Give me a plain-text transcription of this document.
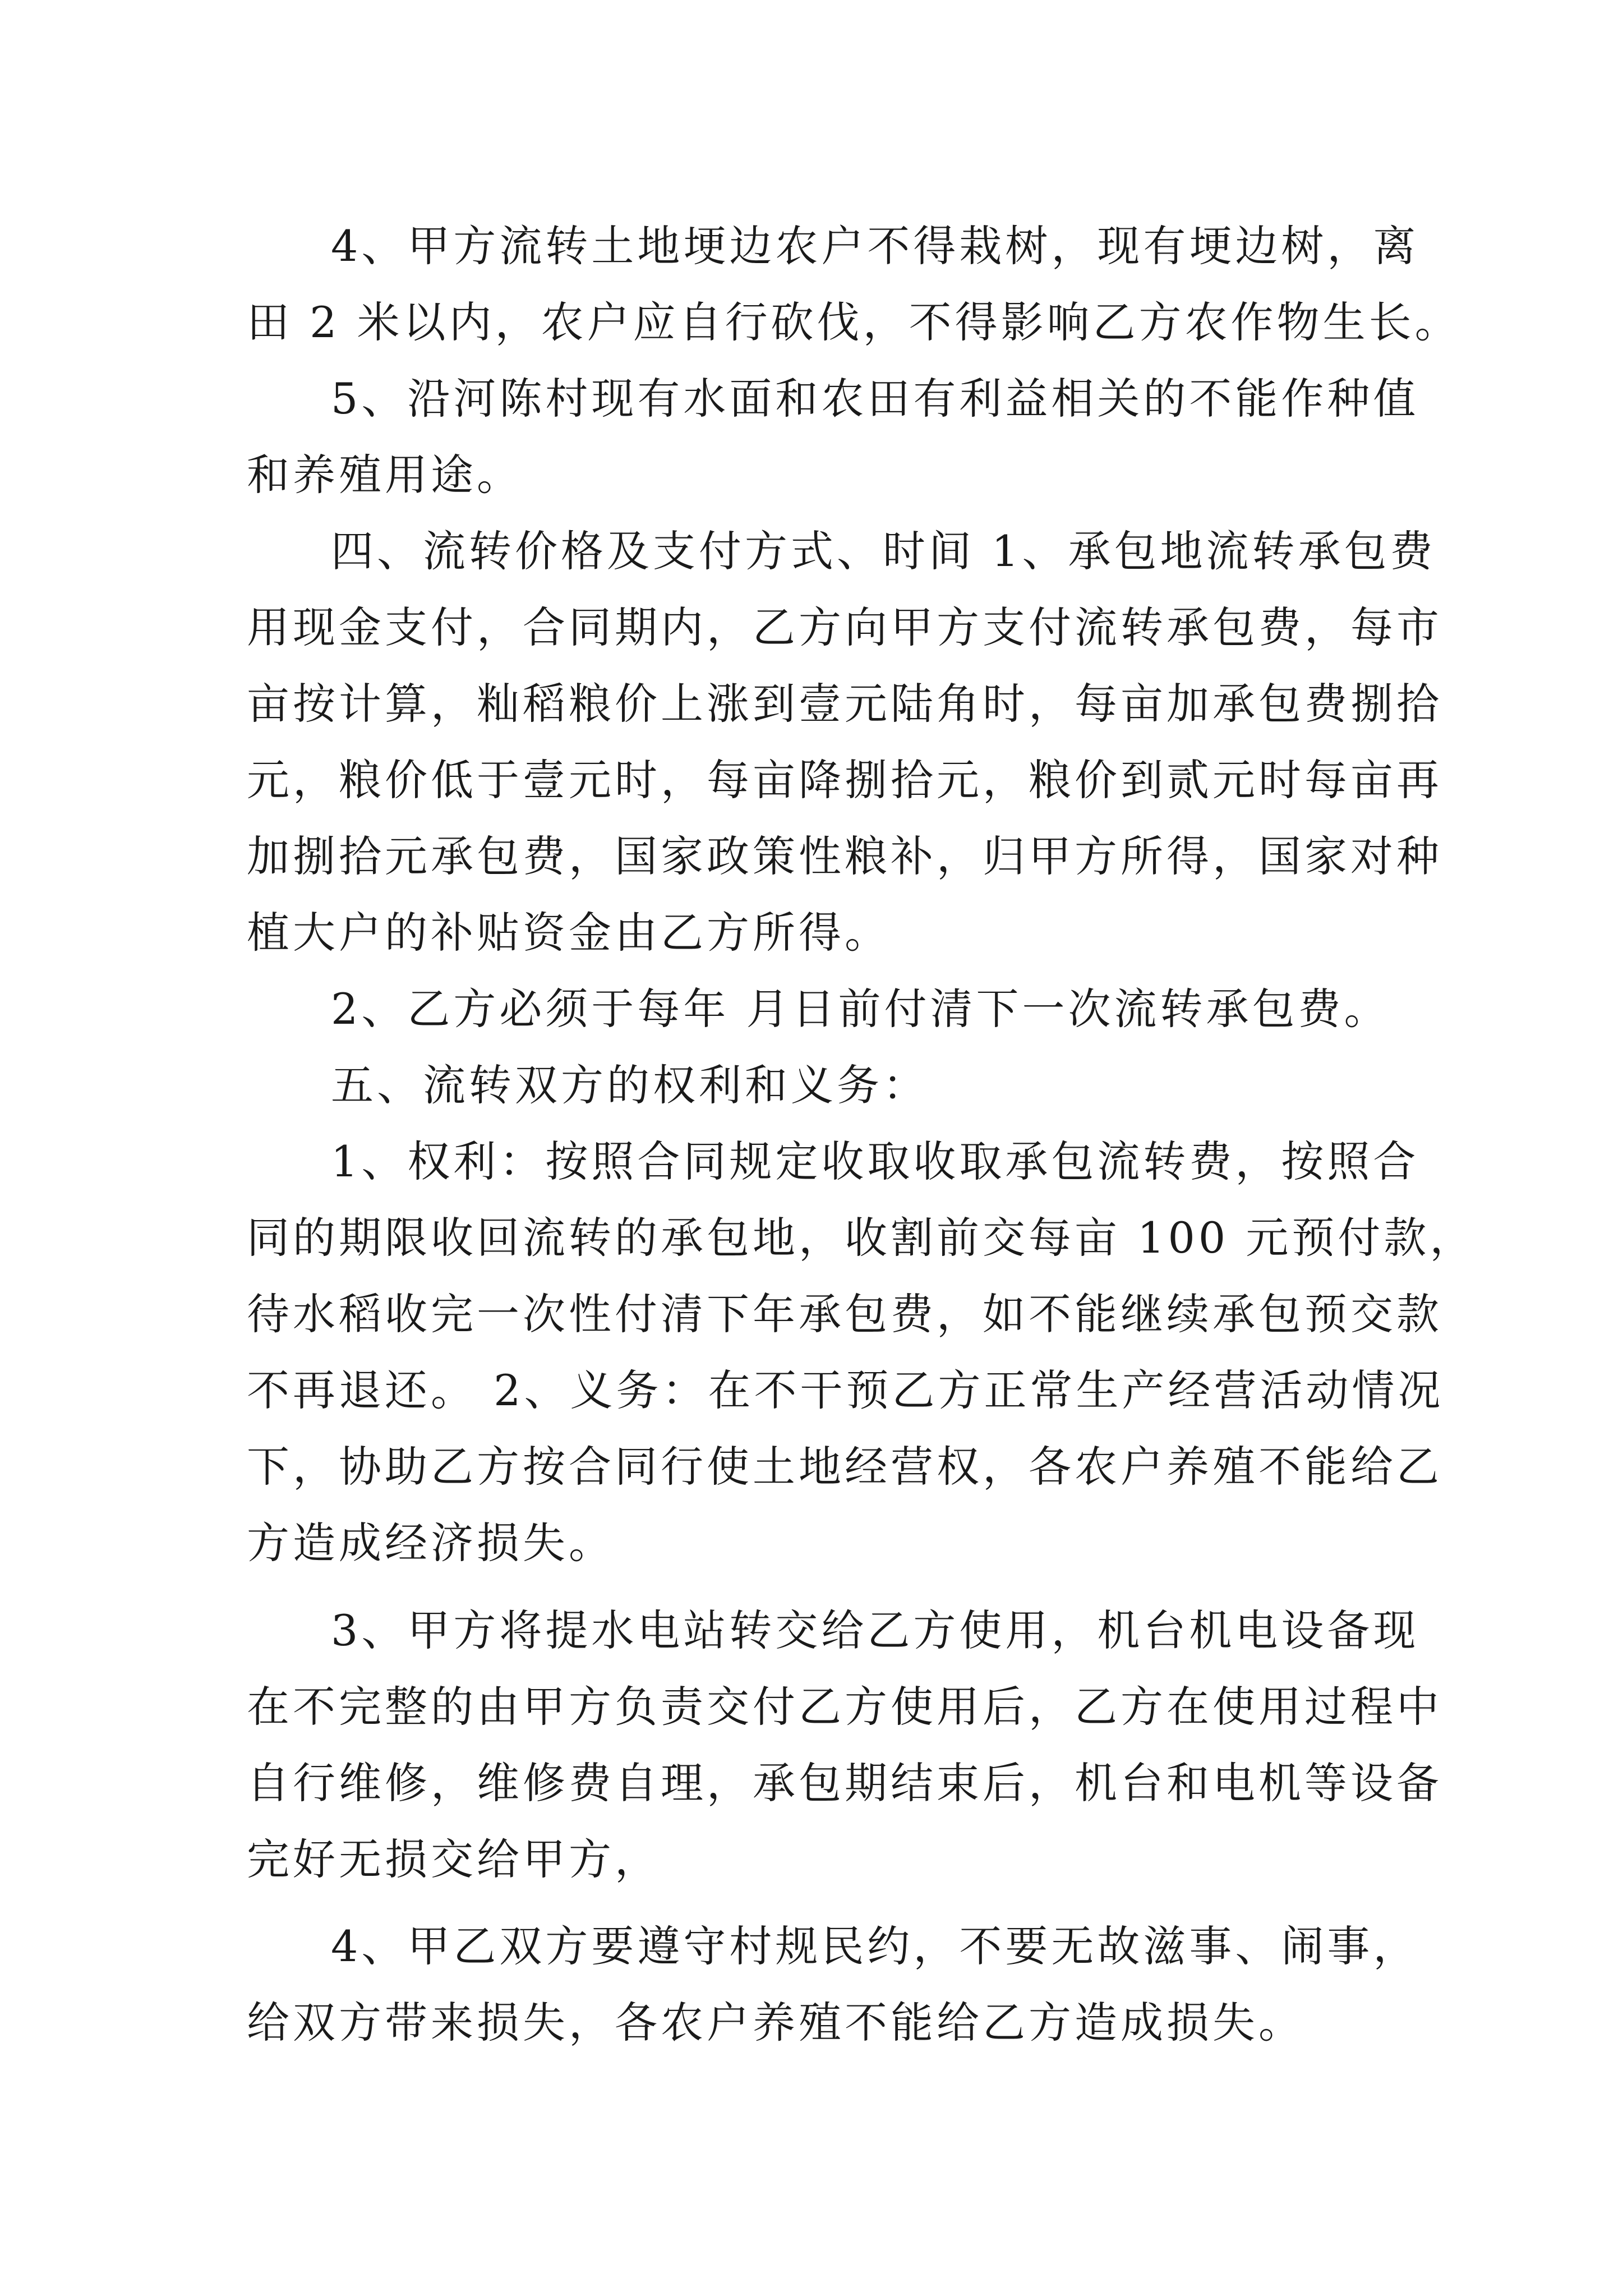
4、甲方流转土地埂边农户不得栽树，现有埂边树，离

田 2 米以内，农户应自行砍伐，不得影响乙方农作物生长。

5、沿河陈村现有水面和农田有利益相关的不能作种值

和养殖用途。

四、流转价格及支付方式、时间 1、承包地流转承包费

用现金支付，合同期内，乙方向甲方支付流转承包费，每市

亩按计算，籼稻粮价上涨到壹元陆角时，每亩加承包费捌拾

元，粮价低于壹元时，每亩降捌拾元，粮价到贰元时每亩再

加捌拾元承包费，国家政策性粮补，归甲方所得，国家对种

植大户的补贴资金由乙方所得。

2、乙方必须于每年 月日前付清下一次流转承包费。

五、流转双方的权利和义务：

1、权利：按照合同规定收取收取承包流转费，按照合

同的期限收回流转的承包地，收割前交每亩 100 元预付款，

待水稻收完一次性付清下年承包费，如不能继续承包预交款

不再退还。 2、义务：在不干预乙方正常生产经营活动情况

下，协助乙方按合同行使土地经营权，各农户养殖不能给乙

方造成经济损失。

3、甲方将提水电站转交给乙方使用，机台机电设备现

在不完整的由甲方负责交付乙方使用后，乙方在使用过程中

自行维修，维修费自理，承包期结束后，机台和电机等设备

完好无损交给甲方，

4、甲乙双方要遵守村规民约，不要无故滋事、闹事，

给双方带来损失，各农户养殖不能给乙方造成损失。
